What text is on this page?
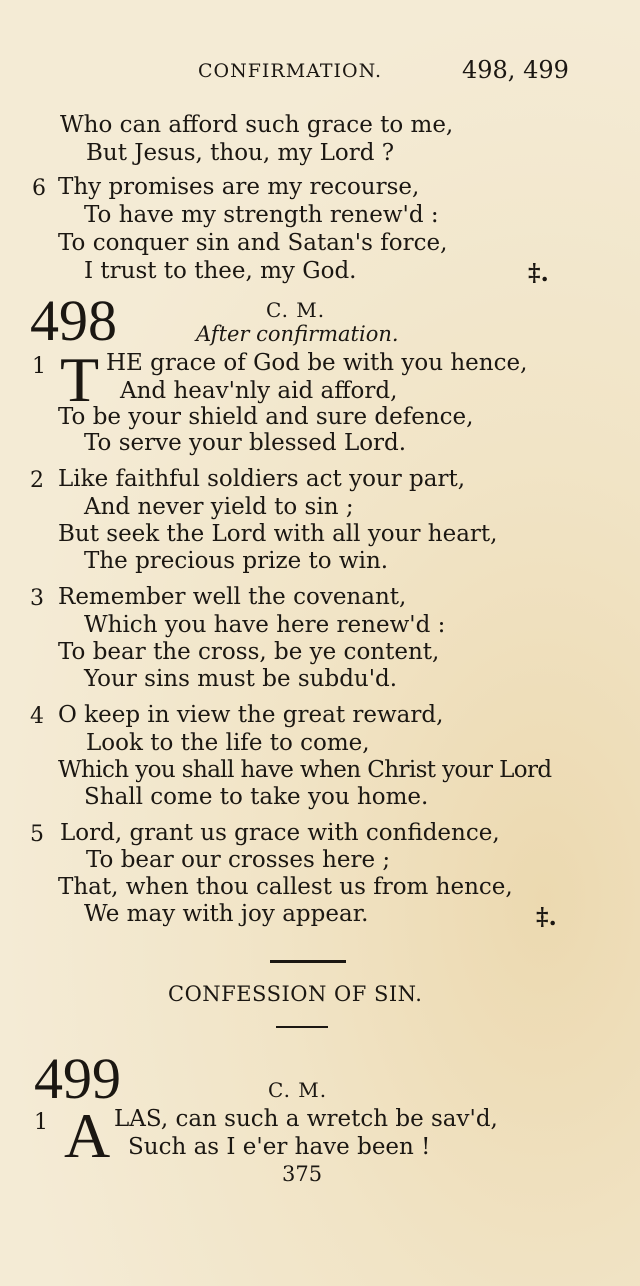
CONFIRMATION.	498, 499
Who can afford such grace to me,
But Jesus, thou, my Lord ?
6 Thy promises are my recourse,
To have my strength renew'd :
To conquer sin and Satan's force,
I trust to thee, my God.	‡.
498	C. M.
After confirmation.
1 T HE grace of God be with you hence,
And heav'nly aid afford,
To be your shield and sure defence,
To serve your blessed Lord.
2 Like faithful soldiers act your part,
And never yield to sin ;
But seek the Lord with all your heart,
The precious prize to win.
3 Remember well the covenant,
Which you have here renew'd :
To bear the cross, be ye content,
Your sins must be subdu'd.
4 O keep in view the great reward,
Look to the life to come,
Which you shall have when Christ your Lord
Shall come to take you home.
5 Lord, grant us grace with confidence,
To bear our crosses here ;
That, when thou callest us from hence,
We may with joy appear.	‡.
CONFESSION OF SIN.
499	C. M.
1 A LAS, can such a wretch be sav'd,
Such as I e'er have been !
375
